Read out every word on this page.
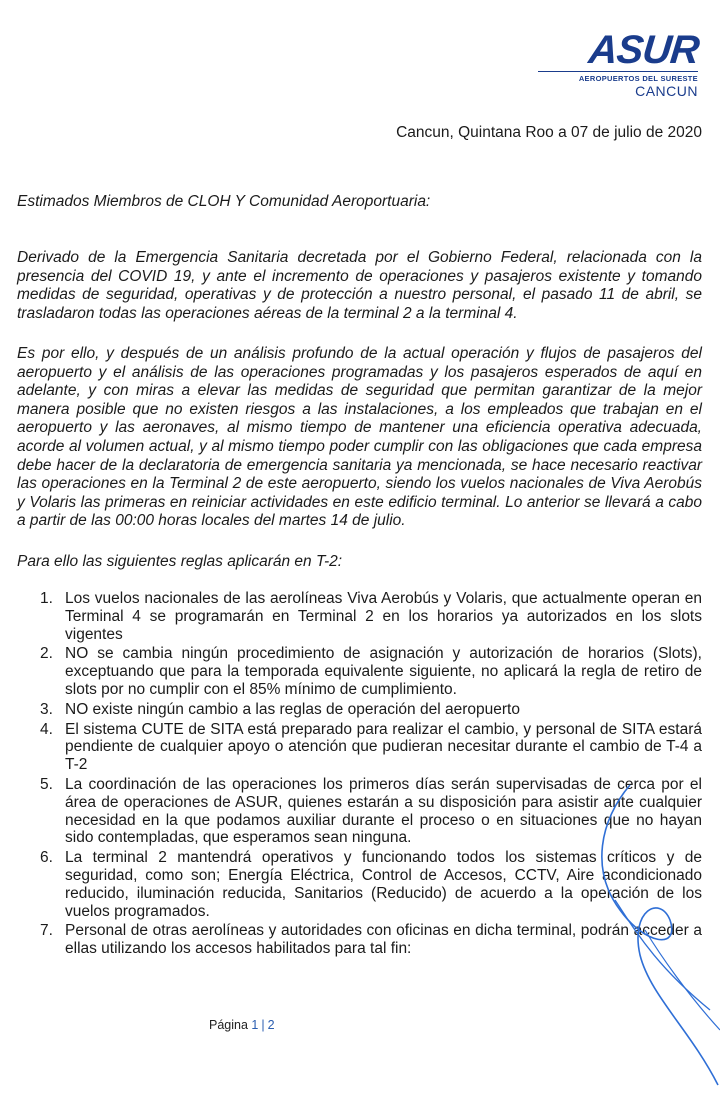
ASUR
AEROPUERTOS DEL SURESTE
CANCUN
Cancun, Quintana Roo a 07 de julio de 2020
Estimados Miembros de CLOH Y Comunidad Aeroportuaria:
Derivado de la Emergencia Sanitaria decretada por el Gobierno Federal, relacionada con la presencia del COVID 19, y ante el incremento de operaciones y pasajeros existente y tomando medidas de seguridad, operativas y de protección a nuestro personal, el pasado 11 de abril, se trasladaron todas las operaciones aéreas de la terminal 2 a la terminal 4.
Es por ello, y después de un análisis profundo de la actual operación y flujos de pasajeros del aeropuerto y el análisis de las operaciones programadas y los pasajeros esperados de aquí en adelante, y con miras a elevar las medidas de seguridad que permitan garantizar de la mejor manera posible que no existen riesgos a las instalaciones, a los empleados que trabajan en el aeropuerto y las aeronaves, al mismo tiempo de mantener una eficiencia operativa adecuada, acorde al volumen actual, y al mismo tiempo poder cumplir con las obligaciones que cada empresa debe hacer de la declaratoria de emergencia sanitaria ya mencionada, se hace necesario reactivar las operaciones en la Terminal 2 de este aeropuerto, siendo los vuelos nacionales de Viva Aerobús y Volaris las primeras en reiniciar actividades en este edificio terminal. Lo anterior se llevará a cabo a partir de las 00:00 horas locales del martes 14 de julio.
Para ello las siguientes reglas aplicarán en T-2:
1. Los vuelos nacionales de las aerolíneas Viva Aerobús y Volaris, que actualmente operan en Terminal 4 se programarán en Terminal 2 en los horarios ya autorizados en los slots vigentes
2. NO se cambia ningún procedimiento de asignación y autorización de horarios (Slots), exceptuando que para la temporada equivalente siguiente, no aplicará la regla de retiro de slots por no cumplir con el 85% mínimo de cumplimiento.
3. NO existe ningún cambio a las reglas de operación del aeropuerto
4. El sistema CUTE de SITA está preparado para realizar el cambio, y personal de SITA estará pendiente de cualquier apoyo o atención que pudieran necesitar durante el cambio de T-4 a T-2
5. La coordinación de las operaciones los primeros días serán supervisadas de cerca por el área de operaciones de ASUR, quienes estarán a su disposición para asistir ante cualquier necesidad en la que podamos auxiliar durante el proceso o en situaciones que no hayan sido contempladas, que esperamos sean ninguna.
6. La terminal 2 mantendrá operativos y funcionando todos los sistemas críticos y de seguridad, como son; Energía Eléctrica, Control de Accesos, CCTV, Aire acondicionado reducido, iluminación reducida, Sanitarios (Reducido) de acuerdo a la operación de los vuelos programados.
7. Personal de otras aerolíneas y autoridades con oficinas en dicha terminal, podrán acceder a ellas utilizando los accesos habilitados para tal fin:
Página 1 | 2
